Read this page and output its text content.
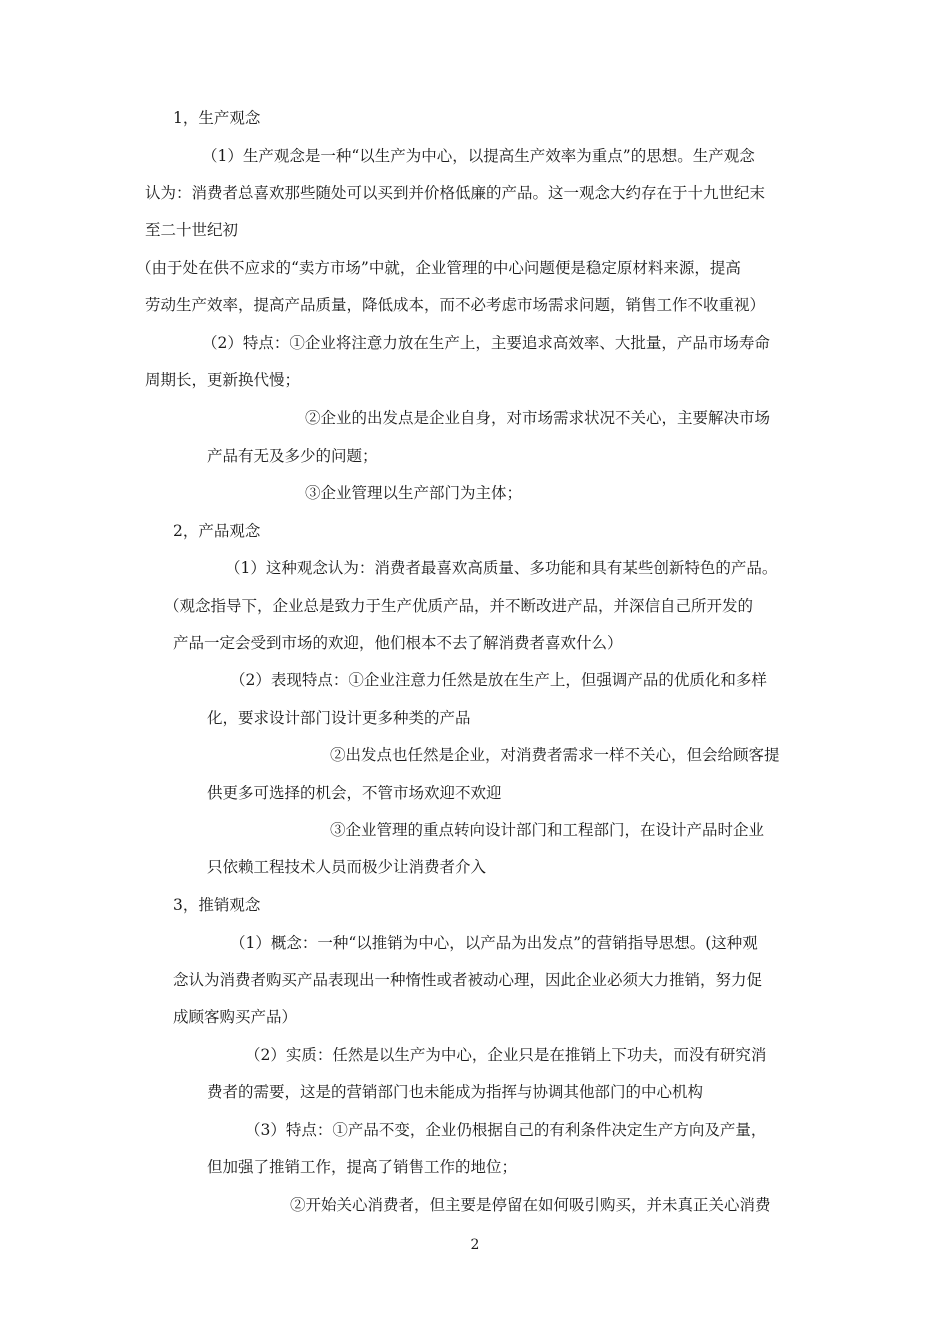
1，生产观念
（1）生产观念是一种“以生产为中心，以提高生产效率为重点”的思想。生产观念
认为：消费者总喜欢那些随处可以买到并价格低廉的产品。这一观念大约存在于十九世纪末
至二十世纪初
（由于处在供不应求的“卖方市场”中就，企业管理的中心问题便是稳定原材料来源，提高
劳动生产效率，提高产品质量，降低成本，而不必考虑市场需求问题，销售工作不收重视）
（2）特点：①企业将注意力放在生产上，主要追求高效率、大批量，产品市场寿命
周期长，更新换代慢；
②企业的出发点是企业自身，对市场需求状况不关心，主要解决市场
产品有无及多少的问题；
③企业管理以生产部门为主体；
2，产品观念
（1）这种观念认为：消费者最喜欢高质量、多功能和具有某些创新特色的产品。
（观念指导下，企业总是致力于生产优质产品，并不断改进产品，并深信自己所开发的
产品一定会受到市场的欢迎，他们根本不去了解消费者喜欢什么）
（2）表现特点：①企业注意力任然是放在生产上，但强调产品的优质化和多样
化，要求设计部门设计更多种类的产品
②出发点也任然是企业，对消费者需求一样不关心，但会给顾客提
供更多可选择的机会，不管市场欢迎不欢迎
③企业管理的重点转向设计部门和工程部门，在设计产品时企业
只依赖工程技术人员而极少让消费者介入
3，推销观念
（1）概念：一种“以推销为中心，以产品为出发点”的营销指导思想。(这种观
念认为消费者购买产品表现出一种惰性或者被动心理，因此企业必须大力推销，努力促
成顾客购买产品）
（2）实质：任然是以生产为中心，企业只是在推销上下功夫，而没有研究消
费者的需要，这是的营销部门也未能成为指挥与协调其他部门的中心机构
（3）特点：①产品不变，企业仍根据自己的有利条件决定生产方向及产量，
但加强了推销工作，提高了销售工作的地位；
②开始关心消费者，但主要是停留在如何吸引购买，并未真正关心消费
2
